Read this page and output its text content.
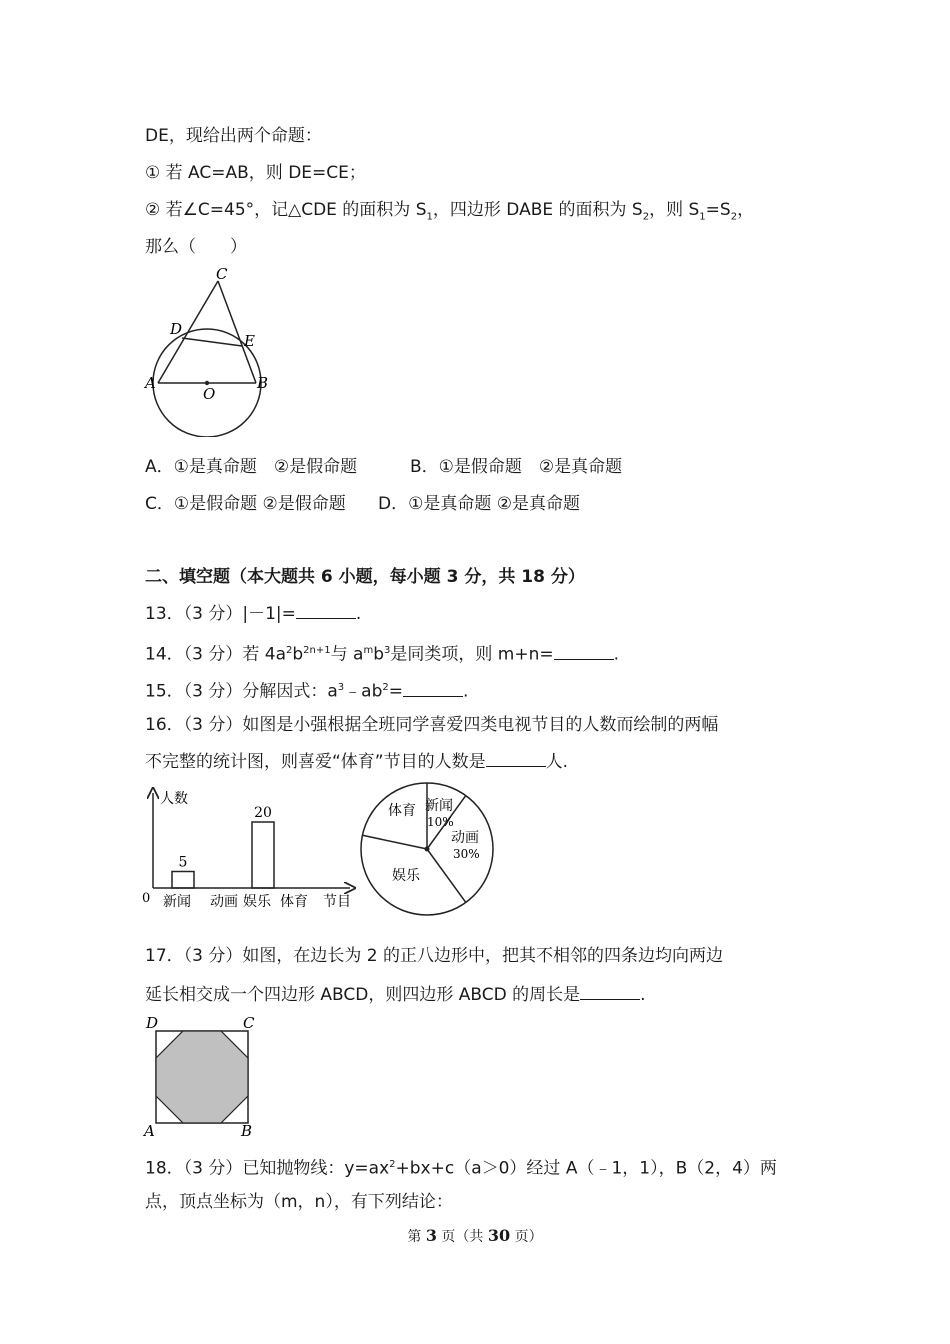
DE，现给出两个命题：
① 若 AC=AB，则 DE=CE；
② 若∠C=45°，记△CDE 的面积为 $S_1$，四边形 DABE 的面积为 $S_2$，则 $S_1=S_2$，
那么（　　）
C
D
E
A	B
O
A．①是真命题　②是假命题	B．①是假命题　②是真命题
C．①是假命题 ②是假命题 D．①是真命题 ②是真命题
二、填空题（本大题共 6 小题，每小题 3 分，共 18 分）
13．（3 分）|－1|=	.
14．（3 分）若 $4a^2b^{2n+1}$与 $a^mb^3$是同类项，则 m+n=	.
15．（3 分）分解因式：$a^3﹣ab^2=$	.
16．（3 分）如图是小强根据全班同学喜爱四类电视节目的人数而绘制的两幅
不完整的统计图，则喜爱“体育”节目的人数是	人.
人数
0	节目
新闻
5
动画 娱乐
20
体育
新闻
10%
动画
30%
娱乐
体育
17．（3 分）如图，在边长为 2 的正八边形中，把其不相邻的四条边均向两边
延长相交成一个四边形 ABCD，则四边形 ABCD 的周长是	.
D	C
A	B
18．（3 分）已知抛物线：$y=ax^2+bx+c(a>0)$经过 A（﹣1，1），B（2，4）两
点，顶点坐标为（m，n），有下列结论：
第 3 页（共 30 页）
